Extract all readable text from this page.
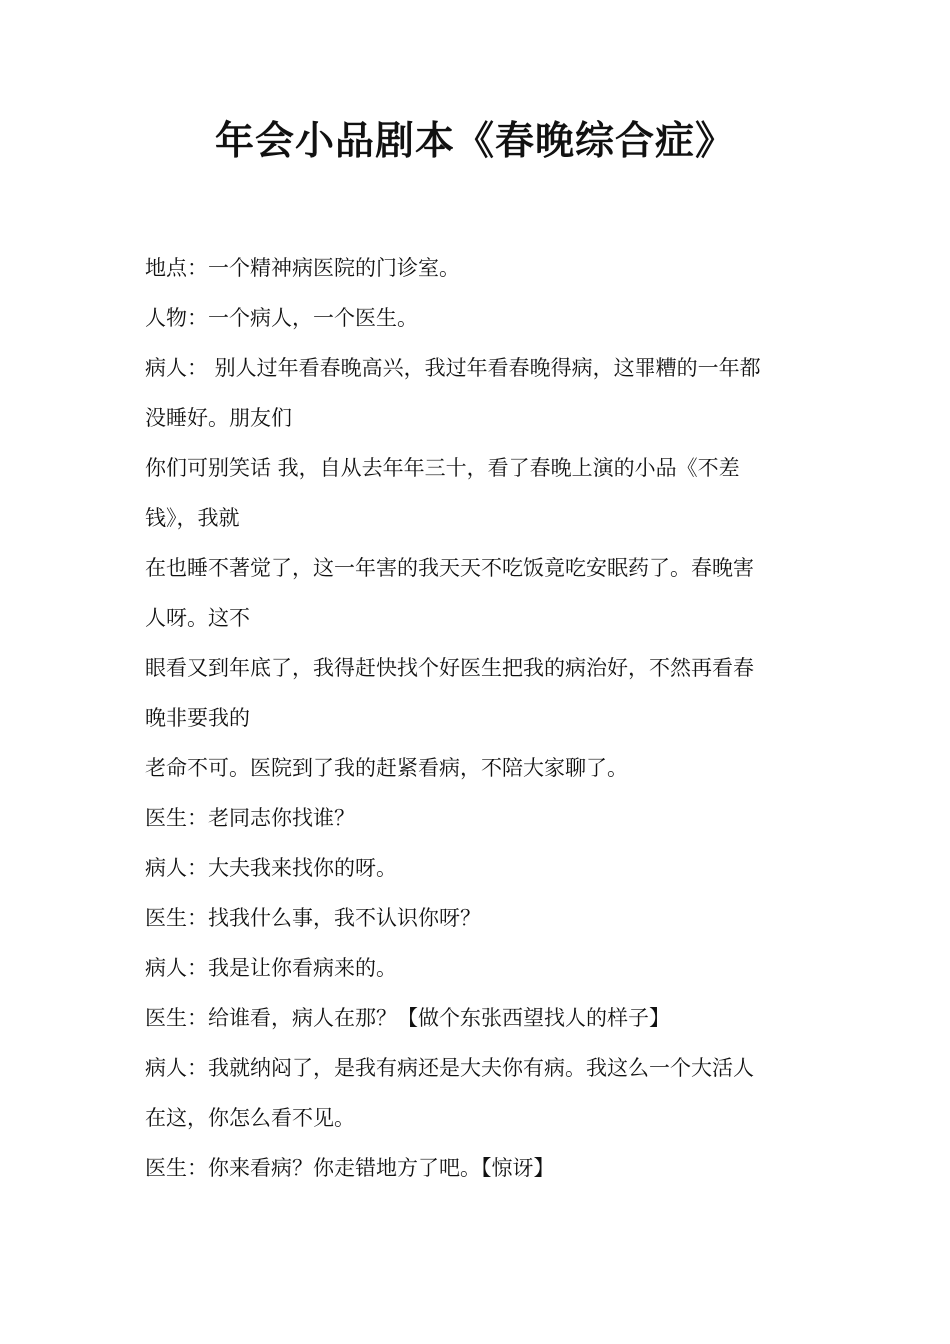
年会小品剧本《春晚综合症》

地点：一个精神病医院的门诊室。

人物：一个病人，一个医生。

病人： 别人过年看春晚高兴，我过年看春晚得病，这罪糟的一年都

没睡好。朋友们

你们可别笑话 我，自从去年年三十，看了春晚上演的小品《不差

钱》，我就

在也睡不著觉了，这一年害的我天天不吃饭竟吃安眠药了。春晚害

人呀。这不

眼看又到年底了，我得赶快找个好医生把我的病治好，不然再看春

晚非要我的

老命不可。医院到了我的赶紧看病，不陪大家聊了。

医生：老同志你找谁？

病人：大夫我来找你的呀。

医生：找我什么事，我不认识你呀？

病人：我是让你看病来的。

医生：给谁看，病人在那？【做个东张西望找人的样子】

病人：我就纳闷了，是我有病还是大夫你有病。我这么一个大活人

在这，你怎么看不见。

医生：你来看病？你走错地方了吧。【惊讶】
